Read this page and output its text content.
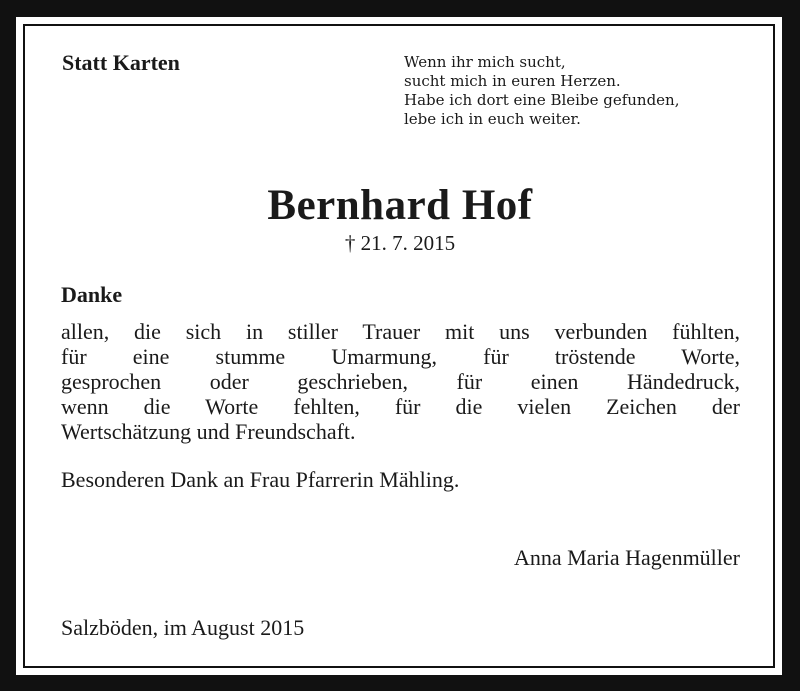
Statt Karten	Wenn ihr mich sucht,
sucht mich in euren Herzen.
Habe ich dort eine Bleibe gefunden,
lebe ich in euch weiter.
Bernhard Hof
† 21. 7. 2015
Danke
allen, die sich in stiller Trauer mit uns verbunden fühlten,
für eine stumme Umarmung, für tröstende Worte,
gesprochen oder geschrieben, für einen Händedruck,
wenn die Worte fehlten, für die vielen Zeichen der
Wertschätzung und Freundschaft.
Besonderen Dank an Frau Pfarrerin Mähling.
Anna Maria Hagenmüller
Salzböden, im August 2015
